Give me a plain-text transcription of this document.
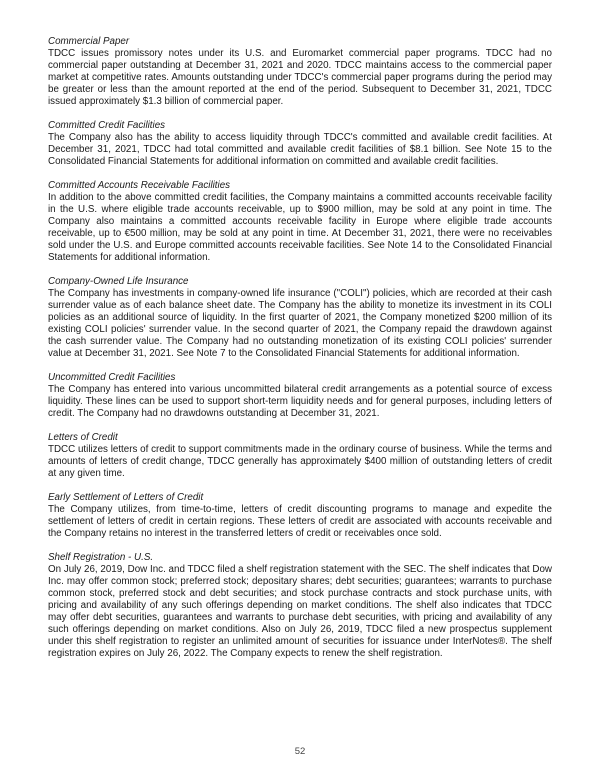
Commercial Paper

TDCC issues promissory notes under its U.S. and Euromarket commercial paper programs. TDCC had no commercial paper outstanding at December 31, 2021 and 2020. TDCC maintains access to the commercial paper market at competitive rates. Amounts outstanding under TDCC's commercial paper programs during the period may be greater or less than the amount reported at the end of the period. Subsequent to December 31, 2021, TDCC issued approximately $1.3 billion of commercial paper.

Committed Credit Facilities

The Company also has the ability to access liquidity through TDCC's committed and available credit facilities. At December 31, 2021, TDCC had total committed and available credit facilities of $8.1 billion. See Note 15 to the Consolidated Financial Statements for additional information on committed and available credit facilities.

Committed Accounts Receivable Facilities

In addition to the above committed credit facilities, the Company maintains a committed accounts receivable facility in the U.S. where eligible trade accounts receivable, up to $900 million, may be sold at any point in time. The Company also maintains a committed accounts receivable facility in Europe where eligible trade accounts receivable, up to €500 million, may be sold at any point in time. At December 31, 2021, there were no receivables sold under the U.S. and Europe committed accounts receivable facilities. See Note 14 to the Consolidated Financial Statements for additional information.

Company-Owned Life Insurance

The Company has investments in company-owned life insurance ("COLI") policies, which are recorded at their cash surrender value as of each balance sheet date. The Company has the ability to monetize its investment in its COLI policies as an additional source of liquidity. In the first quarter of 2021, the Company monetized $200 million of its existing COLI policies' surrender value. In the second quarter of 2021, the Company repaid the drawdown against the cash surrender value. The Company had no outstanding monetization of its existing COLI policies' surrender value at December 31, 2021. See Note 7 to the Consolidated Financial Statements for additional information.

Uncommitted Credit Facilities

The Company has entered into various uncommitted bilateral credit arrangements as a potential source of excess liquidity. These lines can be used to support short-term liquidity needs and for general purposes, including letters of credit. The Company had no drawdowns outstanding at December 31, 2021.

Letters of Credit

TDCC utilizes letters of credit to support commitments made in the ordinary course of business. While the terms and amounts of letters of credit change, TDCC generally has approximately $400 million of outstanding letters of credit at any given time.

Early Settlement of Letters of Credit

The Company utilizes, from time-to-time, letters of credit discounting programs to manage and expedite the settlement of letters of credit in certain regions. These letters of credit are associated with accounts receivable and the Company retains no interest in the transferred letters of credit or receivables once sold.

Shelf Registration - U.S.

On July 26, 2019, Dow Inc. and TDCC filed a shelf registration statement with the SEC. The shelf indicates that Dow Inc. may offer common stock; preferred stock; depositary shares; debt securities; guarantees; warrants to purchase common stock, preferred stock and debt securities; and stock purchase contracts and stock purchase units, with pricing and availability of any such offerings depending on market conditions. The shelf also indicates that TDCC may offer debt securities, guarantees and warrants to purchase debt securities, with pricing and availability of any such offerings depending on market conditions. Also on July 26, 2019, TDCC filed a new prospectus supplement under this shelf registration to register an unlimited amount of securities for issuance under InterNotes®. The shelf registration expires on July 26, 2022. The Company expects to renew the shelf registration.

52
